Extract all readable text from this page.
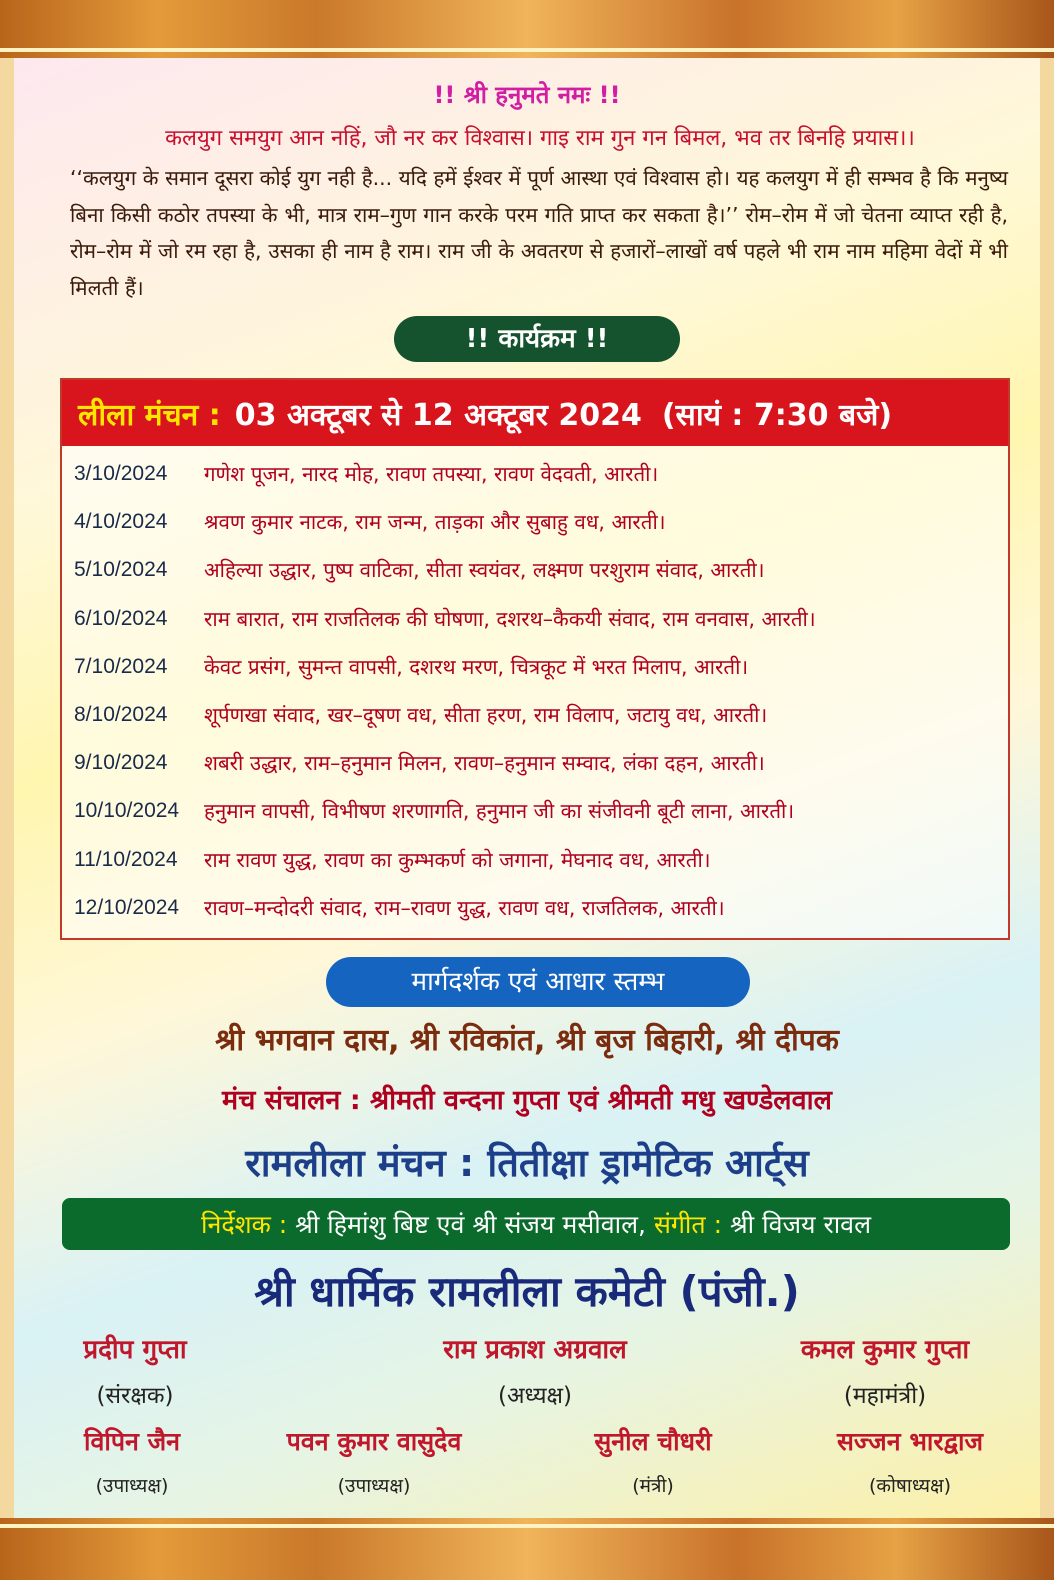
!! श्री हनुमते नमः !!
कलयुग समयुग आन नहिं, जौ नर कर विश्वास। गाइ राम गुन गन बिमल, भव तर बिनहि प्रयास।।
‘‘कलयुग के समान दूसरा कोई युग नही है... यदि हमें ईश्वर में पूर्ण आस्था एवं विश्वास हो। यह कलयुग में ही सम्भव है कि मनुष्य बिना किसी कठोर तपस्या के भी, मात्र राम–गुण गान करके परम गति प्राप्त कर सकता है।’’ रोम–रोम में जो चेतना व्याप्त रही है, रोम–रोम में जो रम रहा है, उसका ही नाम है राम। राम जी के अवतरण से हजारों–लाखों वर्ष पहले भी राम नाम महिमा वेदों में भी मिलती हैं।
!! कार्यक्रम !!
लीला मंचन : 03 अक्टूबर से 12 अक्टूबर 2024 (सायं : 7:30 बजे)
3/10/2024	गणेश पूजन, नारद मोह, रावण तपस्या, रावण वेदवती, आरती।
4/10/2024	श्रवण कुमार नाटक, राम जन्म, ताड़का और सुबाहु वध, आरती।
5/10/2024	अहिल्या उद्धार, पुष्प वाटिका, सीता स्वयंवर, लक्ष्मण परशुराम संवाद, आरती।
6/10/2024	राम बारात, राम राजतिलक की घोषणा, दशरथ–कैकयी संवाद, राम वनवास, आरती।
7/10/2024	केवट प्रसंग, सुमन्त वापसी, दशरथ मरण, चित्रकूट में भरत मिलाप, आरती।
8/10/2024	शूर्पणखा संवाद, खर–दूषण वध, सीता हरण, राम विलाप, जटायु वध, आरती।
9/10/2024	शबरी उद्धार, राम–हनुमान मिलन, रावण–हनुमान सम्वाद, लंका दहन, आरती।
10/10/2024	हनुमान वापसी, विभीषण शरणागति, हनुमान जी का संजीवनी बूटी लाना, आरती।
11/10/2024	राम रावण युद्ध, रावण का कुम्भकर्ण को जगाना, मेघनाद वध, आरती।
12/10/2024	रावण–मन्दोदरी संवाद, राम–रावण युद्ध, रावण वध, राजतिलक, आरती।
मार्गदर्शक एवं आधार स्तम्भ
श्री भगवान दास, श्री रविकांत, श्री बृज बिहारी, श्री दीपक
मंच संचालन : श्रीमती वन्दना गुप्ता एवं श्रीमती मधु खण्डेलवाल
रामलीला मंचन : तितीक्षा ड्रामेटिक आर्ट्स
निर्देशक :
श्री हिमांशु बिष्ट एवं श्री संजय मसीवाल,
संगीत :
श्री विजय रावल
श्री धार्मिक रामलीला कमेटी (पंजी.)
प्रदीप गुप्ता
(संरक्षक)
राम प्रकाश अग्रवाल
(अध्यक्ष)
कमल कुमार गुप्ता
(महामंत्री)
विपिन जैन
(उपाध्यक्ष)
पवन कुमार वासुदेव
(उपाध्यक्ष)
सुनील चौधरी
(मंत्री)
सज्जन भारद्वाज
(कोषाध्यक्ष)
